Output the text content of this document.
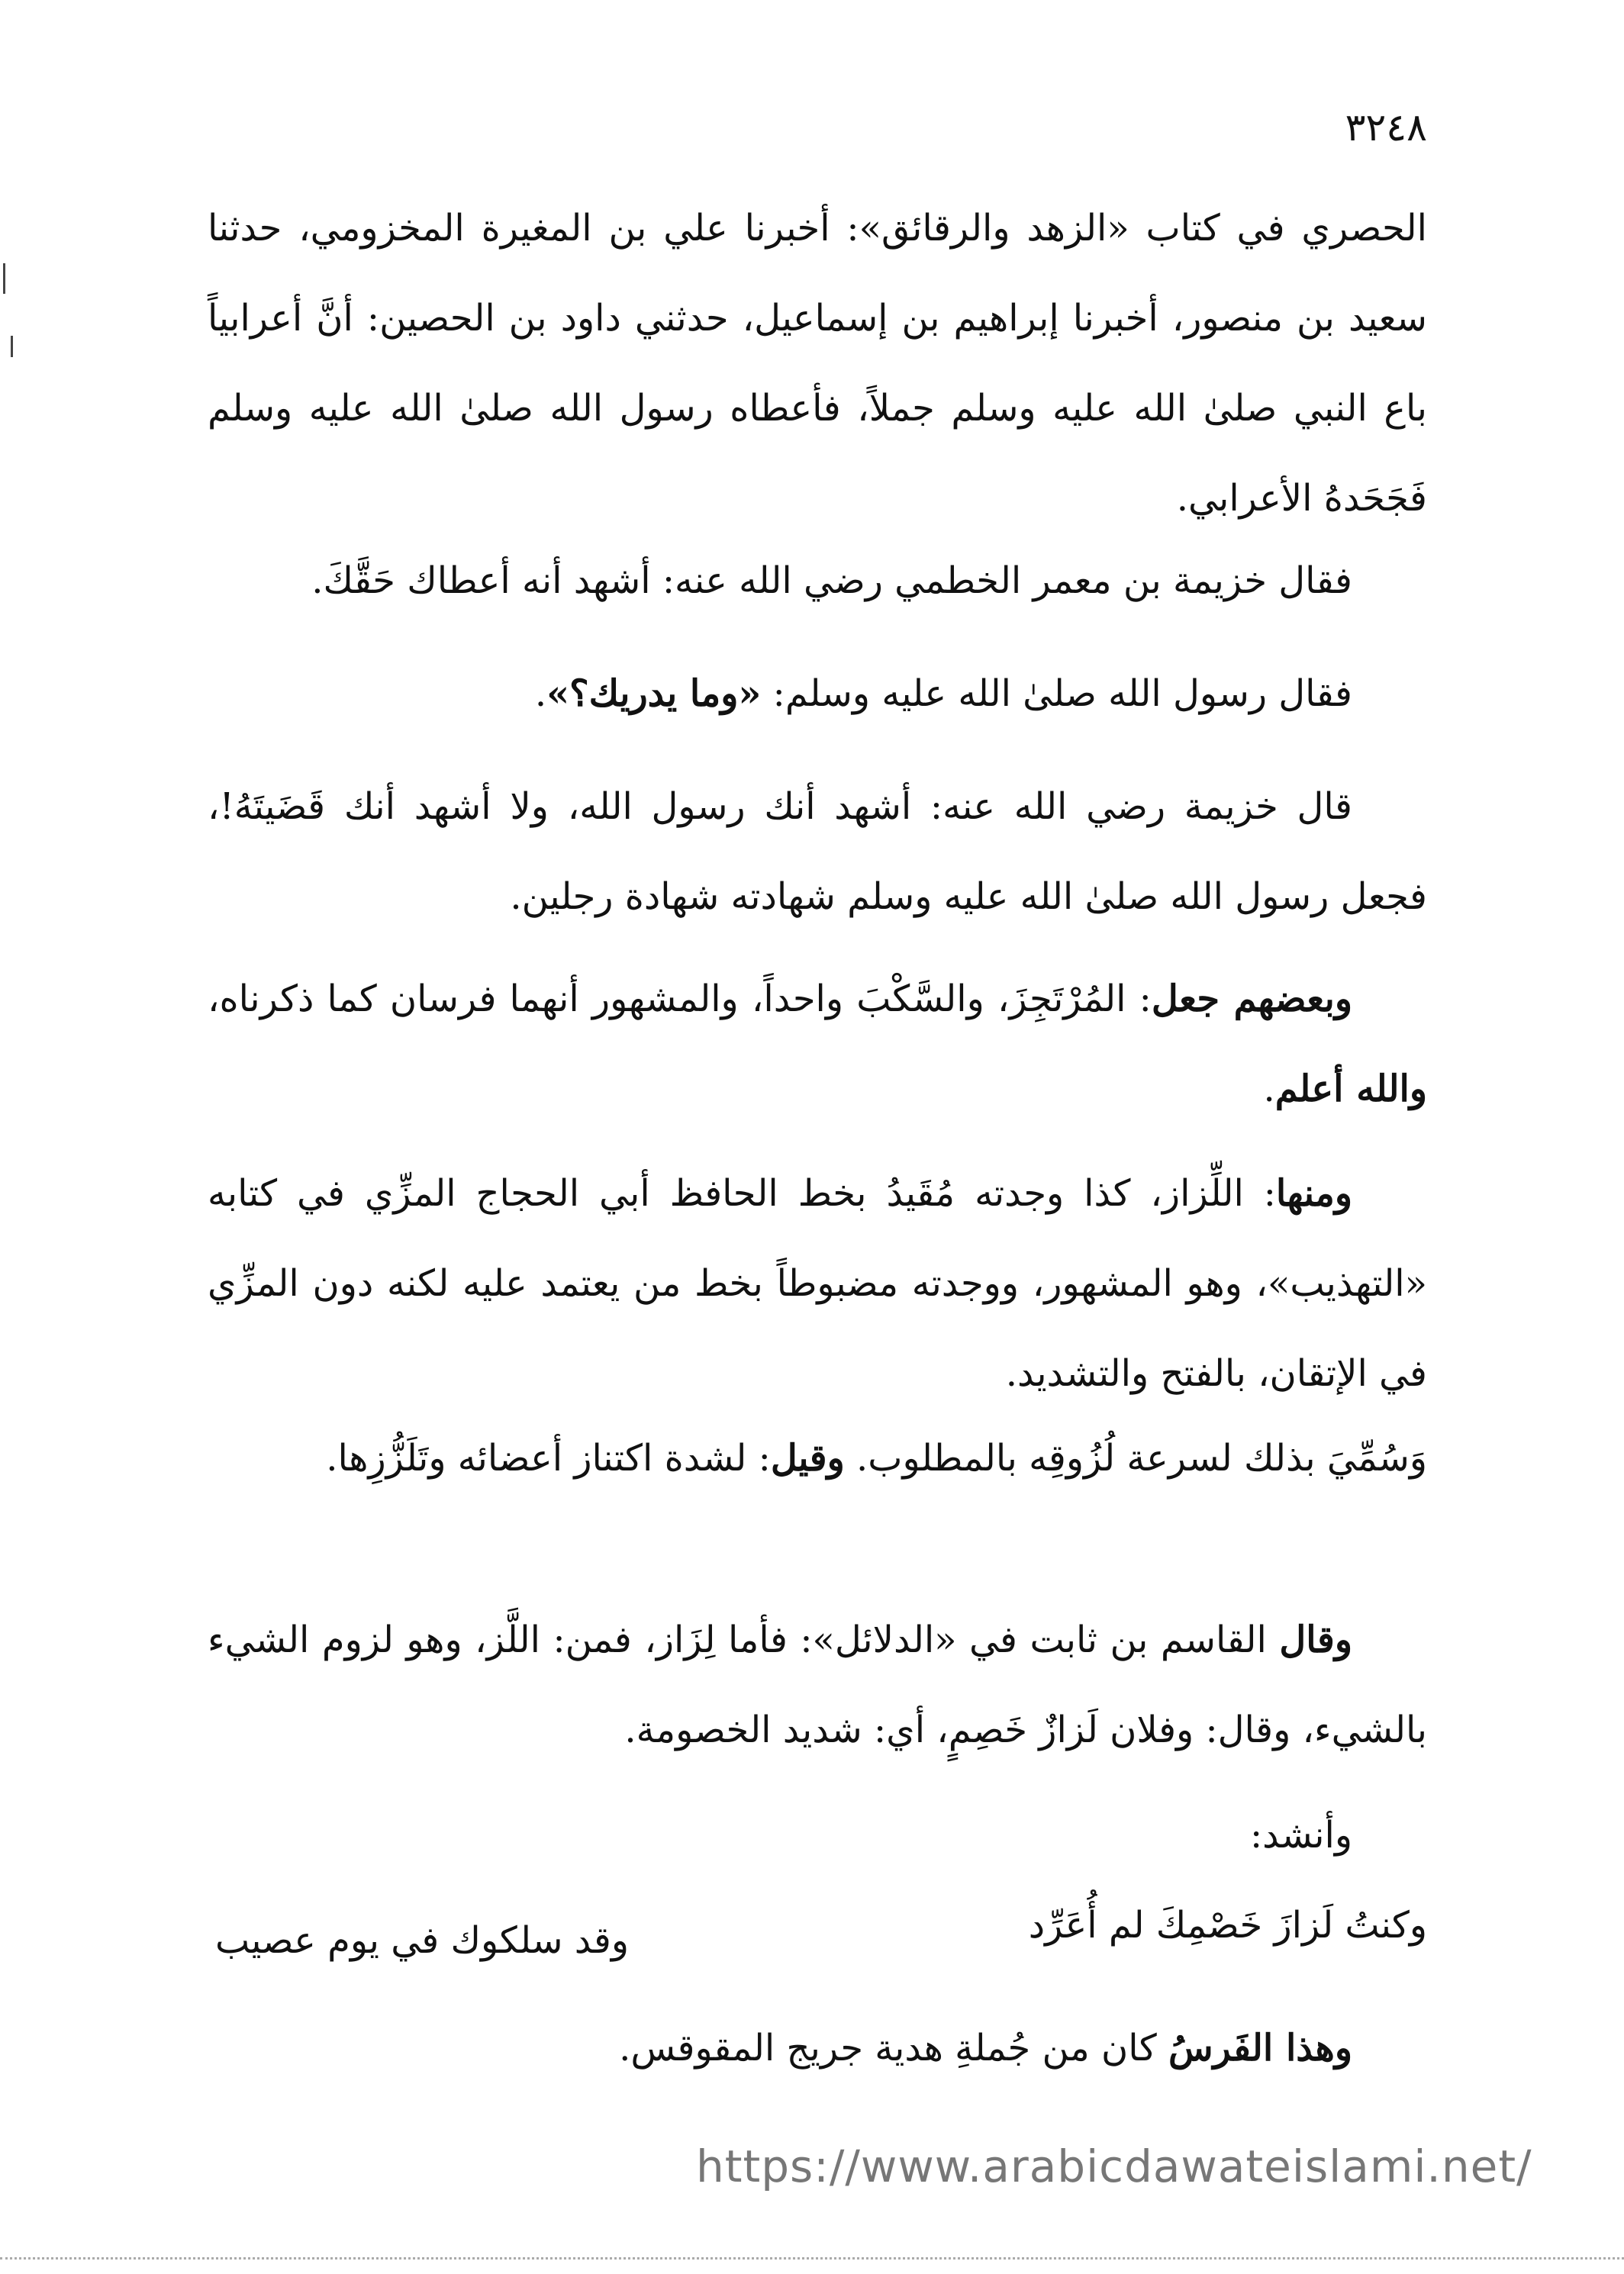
٣٢٤٨
الحصري في كتاب «الزهد والرقائق»: أخبرنا علي بن المغيرة المخزومي، حدثنا سعيد بن منصور، أخبرنا إبراهيم بن إسماعيل، حدثني داود بن الحصين: أنَّ أعرابياً باع النبي صلىٰ الله عليه وسلم جملاً، فأعطاه رسول الله صلىٰ الله عليه وسلم فَجَحَدهُ الأعرابي.
فقال خزيمة بن معمر الخطمي رضي الله عنه: أشهد أنه أعطاك حَقَّكَ.
فقال رسول الله صلىٰ الله عليه وسلم: «وما يدريك؟».
قال خزيمة رضي الله عنه: أشهد أنك رسول الله، ولا أشهد أنك قَضَيتَهُ!، فجعل رسول الله صلىٰ الله عليه وسلم شهادته شهادة رجلين.
وبعضهم جعل: المُرْتَجِزَ، والسَّكْبَ واحداً، والمشهور أنهما فرسان كما ذكرناه، والله أعلم.
ومنها: اللِّزاز، كذا وجدته مُقَيدُ بخط الحافظ أبي الحجاج المزِّي في كتابه «التهذيب»، وهو المشهور، ووجدته مضبوطاً بخط من يعتمد عليه لكنه دون المزِّي في الإتقان، بالفتح والتشديد.
وَسُمِّيَ بذلك لسرعة لُزُوقِه بالمطلوب. وقيل: لشدة اكتناز أعضائه وتَلَزُّزِها.
وقال القاسم بن ثابت في «الدلائل»: فأما لِزَاز، فمن: اللَّز، وهو لزوم الشيء بالشيء، وقال: وفلان لَزازٌ خَصِمٍ، أي: شديد الخصومة.
وأنشد:
وكنتُ لَزازَ خَصْمِكَ لم أُعَرِّد
وقد سلكوك في يوم عصيب
وهذا الفَرسُ كان من جُملةِ هدية جريج المقوقس.
https://www.arabicdawateislami.net/
